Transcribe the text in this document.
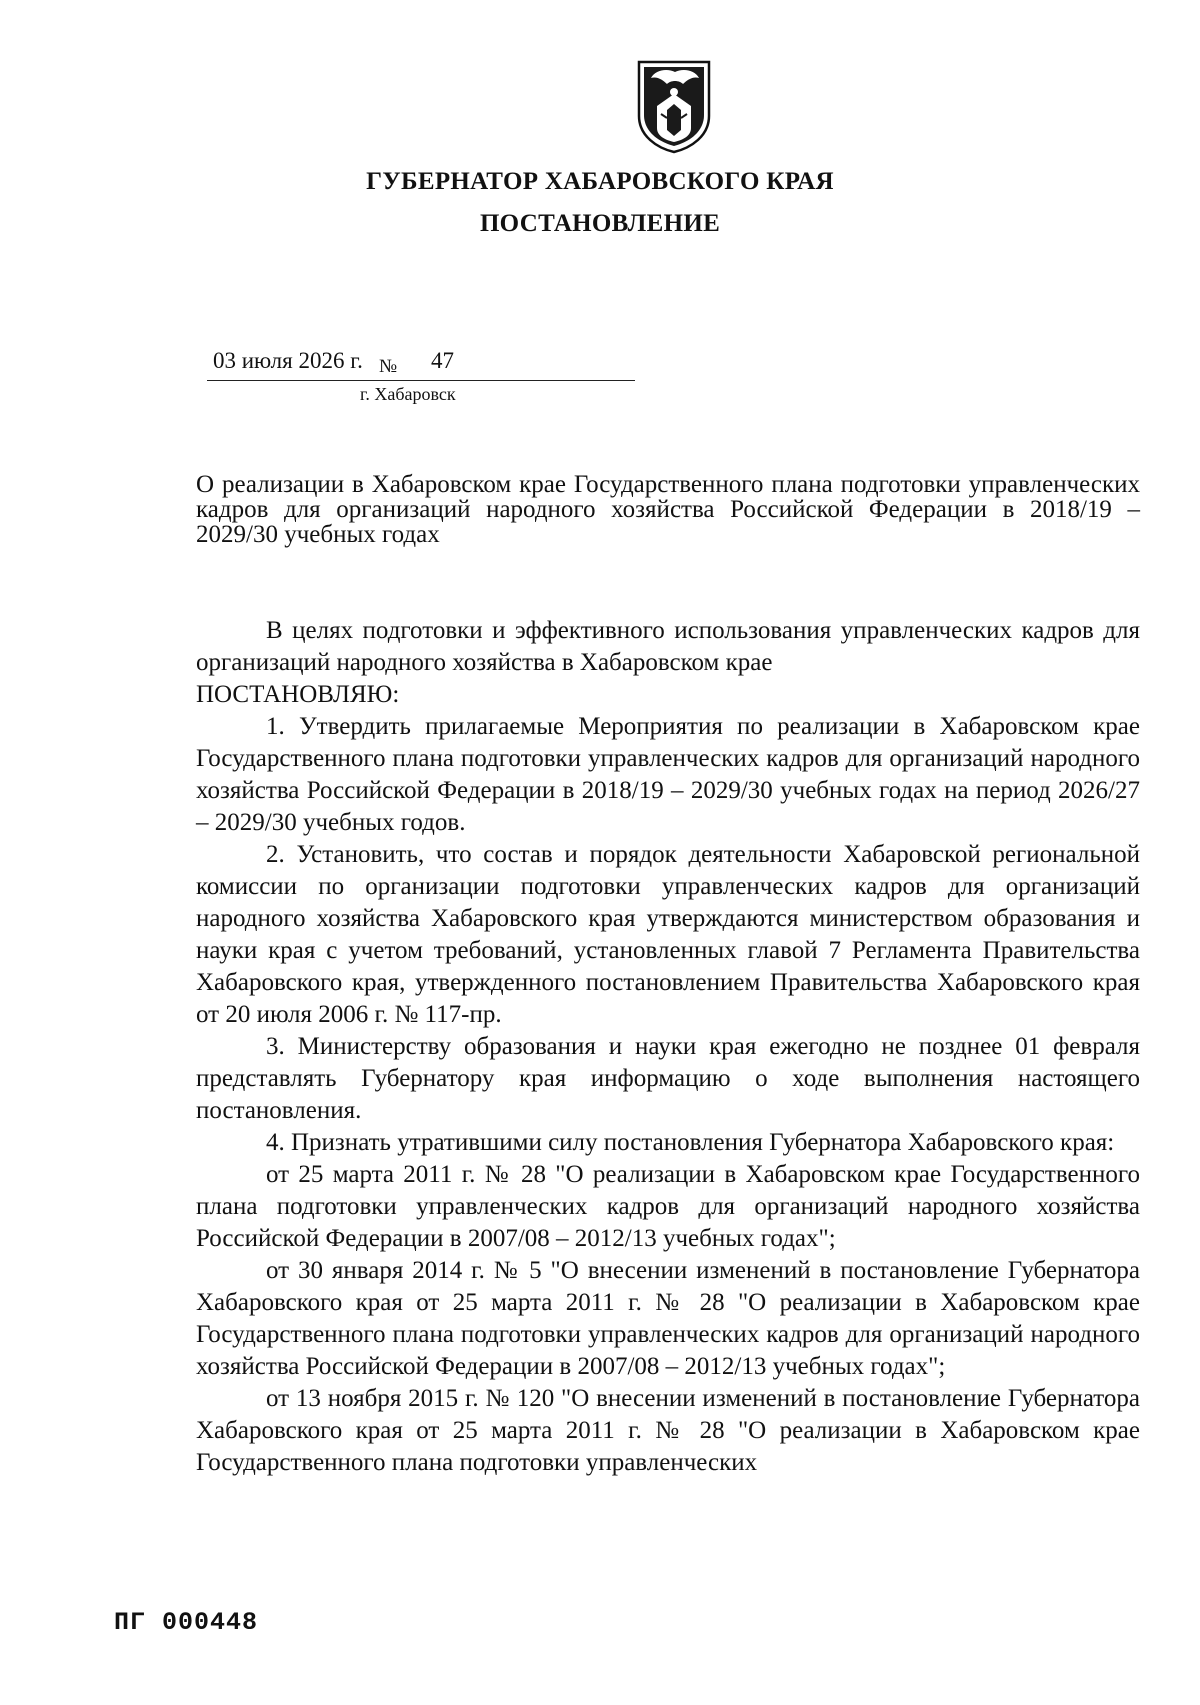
ГУБЕРНАТОР ХАБАРОВСКОГО КРАЯ
ПОСТАНОВЛЕНИЕ
03 июля 2026 г. № 47
г. Хабаровск
О реализации в Хабаровском крае Государственного плана подготовки управленческих кадров для организаций народного хозяйства Российской Федерации в 2018/19 – 2029/30 учебных годах

В целях подготовки и эффективного использования управленческих кадров для организаций народного хозяйства в Хабаровском крае

ПОСТАНОВЛЯЮ:

1. Утвердить прилагаемые Мероприятия по реализации в Хабаровском крае Государственного плана подготовки управленческих кадров для организаций народного хозяйства Российской Федерации в 2018/19 – 2029/30 учебных годах на период 2026/27 – 2029/30 учебных годов.

2. Установить, что состав и порядок деятельности Хабаровской региональной комиссии по организации подготовки управленческих кадров для организаций народного хозяйства Хабаровского края утверждаются министерством образования и науки края с учетом требований, установленных главой 7 Регламента Правительства Хабаровского края, утвержденного постановлением Правительства Хабаровского края от 20 июля 2006 г. № 117-пр.

3. Министерству образования и науки края ежегодно не позднее 01 февраля представлять Губернатору края информацию о ходе выполнения настоящего постановления.

4. Признать утратившими силу постановления Губернатора Хабаровского края:

от 25 марта 2011 г. № 28 "О реализации в Хабаровском крае Государственного плана подготовки управленческих кадров для организаций народного хозяйства Российской Федерации в 2007/08 – 2012/13 учебных годах";

от 30 января 2014 г. № 5 "О внесении изменений в постановление Губернатора Хабаровского края от 25 марта 2011 г. № 28 "О реализации в Хабаровском крае Государственного плана подготовки управленческих кадров для организаций народного хозяйства Российской Федерации в 2007/08 – 2012/13 учебных годах";

от 13 ноября 2015 г. № 120 "О внесении изменений в постановление Губернатора Хабаровского края от 25 марта 2011 г. № 28 "О реализации в Хабаровском крае Государственного плана подготовки управленческих

ПГ 000448
